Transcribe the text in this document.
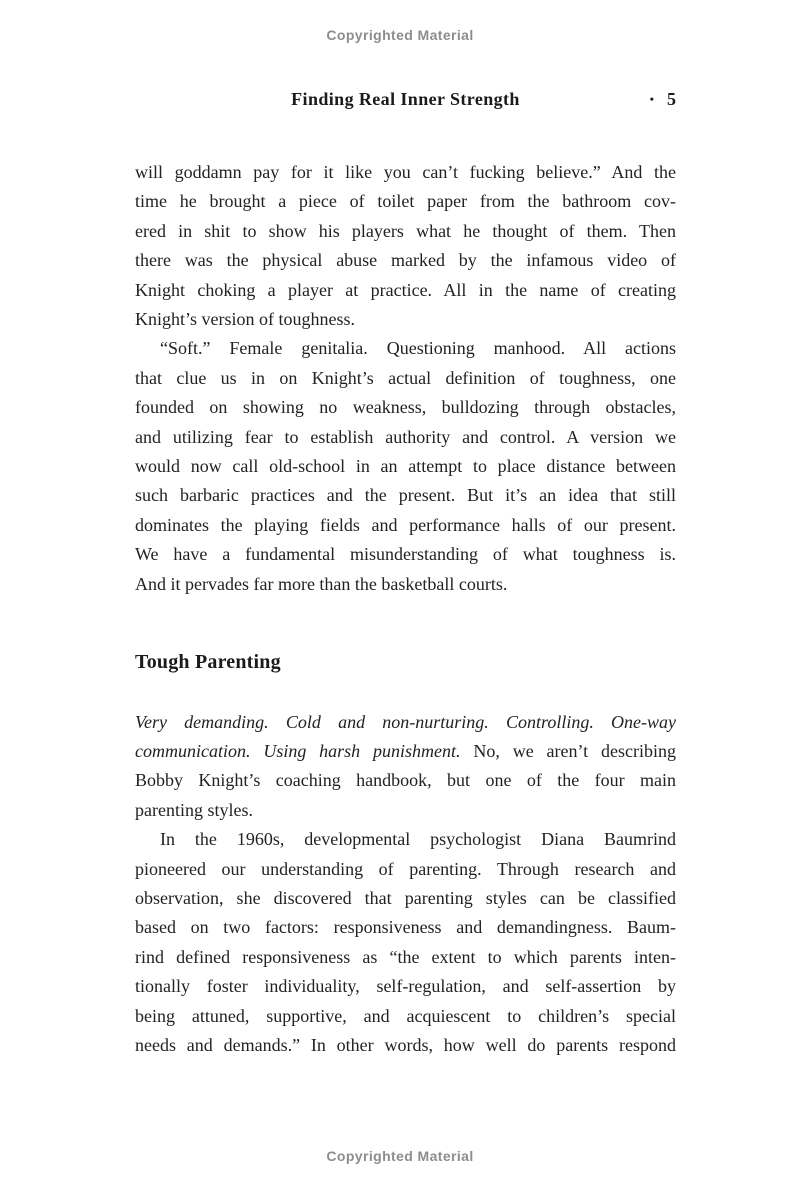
Copyrighted Material
Finding Real Inner Strength	• 5
will goddamn pay for it like you can’t fucking believe.” And the
time he brought a piece of toilet paper from the bathroom cov-
ered in shit to show his players what he thought of them. Then
there was the physical abuse marked by the infamous video of
Knight choking a player at practice. All in the name of creating
Knight’s version of toughness.
“Soft.” Female genitalia. Questioning manhood. All actions
that clue us in on Knight’s actual definition of toughness, one
founded on showing no weakness, bulldozing through obstacles,
and utilizing fear to establish authority and control. A version we
would now call old-school in an attempt to place distance between
such barbaric practices and the present. But it’s an idea that still
dominates the playing fields and performance halls of our present.
We have a fundamental misunderstanding of what toughness is.
And it pervades far more than the basketball courts.
Tough Parenting
Very demanding. Cold and non-nurturing. Controlling. One-way
communication. Using harsh punishment. No, we aren’t describing
Bobby Knight’s coaching handbook, but one of the four main
parenting styles.
In the 1960s, developmental psychologist Diana Baumrind
pioneered our understanding of parenting. Through research and
observation, she discovered that parenting styles can be classified
based on two factors: responsiveness and demandingness. Baum-
rind defined responsiveness as “the extent to which parents inten-
tionally foster individuality, self-regulation, and self-assertion by
being attuned, supportive, and acquiescent to children’s special
needs and demands.” In other words, how well do parents respond
Copyrighted Material
